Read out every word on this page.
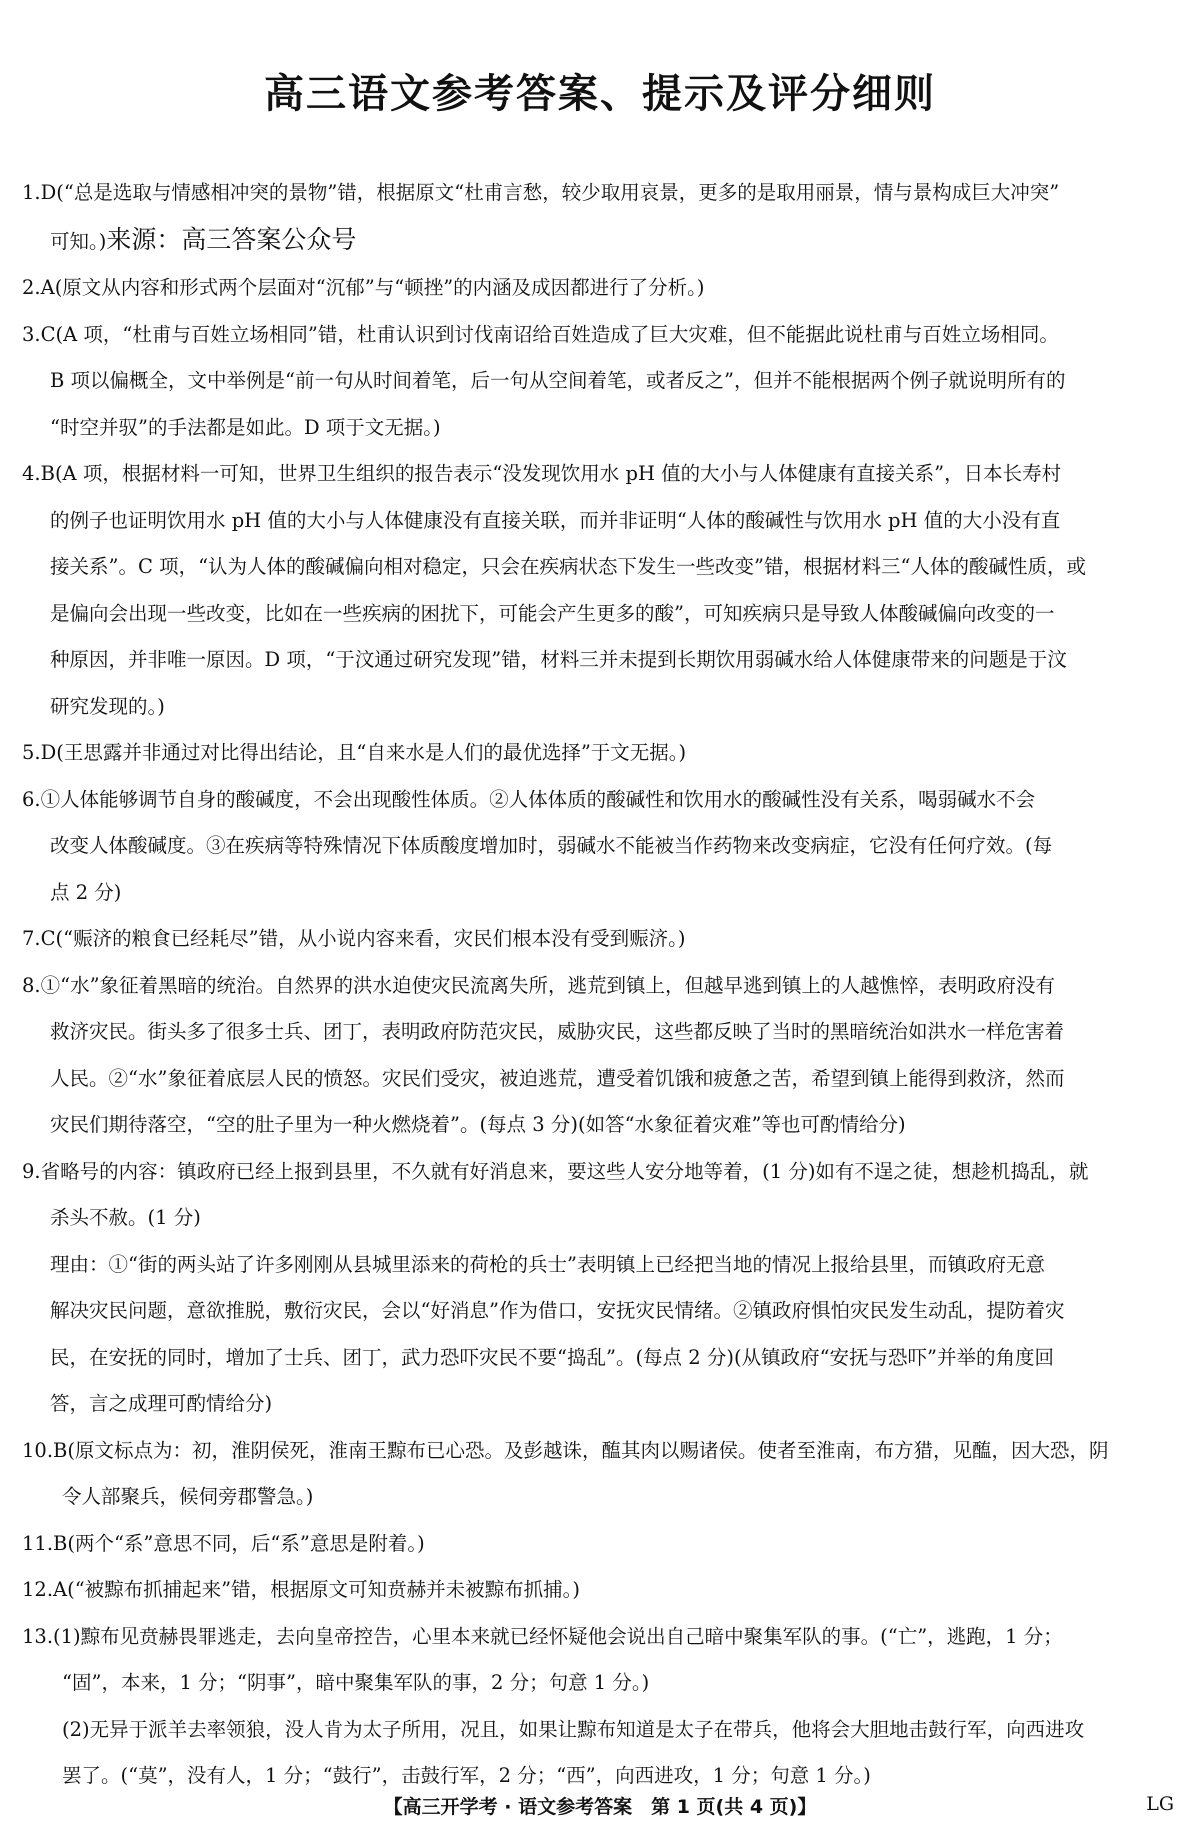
高三语文参考答案、提示及评分细则
1.D(“总是选取与情感相冲突的景物”错，根据原文“杜甫言愁，较少取用哀景，更多的是取用丽景，情与景构成巨大冲突”
可知。)来源：高三答案公众号
2.A(原文从内容和形式两个层面对“沉郁”与“顿挫”的内涵及成因都进行了分析。)
3.C(A 项，“杜甫与百姓立场相同”错，杜甫认识到讨伐南诏给百姓造成了巨大灾难，但不能据此说杜甫与百姓立场相同。
B 项以偏概全，文中举例是“前一句从时间着笔，后一句从空间着笔，或者反之”，但并不能根据两个例子就说明所有的
“时空并驭”的手法都是如此。D 项于文无据。)
4.B(A 项，根据材料一可知，世界卫生组织的报告表示“没发现饮用水 pH 值的大小与人体健康有直接关系”，日本长寿村
的例子也证明饮用水 pH 值的大小与人体健康没有直接关联，而并非证明“人体的酸碱性与饮用水 pH 值的大小没有直
接关系”。C 项，“认为人体的酸碱偏向相对稳定，只会在疾病状态下发生一些改变”错，根据材料三“人体的酸碱性质，或
是偏向会出现一些改变，比如在一些疾病的困扰下，可能会产生更多的酸”，可知疾病只是导致人体酸碱偏向改变的一
种原因，并非唯一原因。D 项，“于汶通过研究发现”错，材料三并未提到长期饮用弱碱水给人体健康带来的问题是于汶
研究发现的。)
5.D(王思露并非通过对比得出结论，且“自来水是人们的最优选择”于文无据。)
6.①人体能够调节自身的酸碱度，不会出现酸性体质。②人体体质的酸碱性和饮用水的酸碱性没有关系，喝弱碱水不会
改变人体酸碱度。③在疾病等特殊情况下体质酸度增加时，弱碱水不能被当作药物来改变病症，它没有任何疗效。(每
点 2 分)
7.C(“赈济的粮食已经耗尽”错，从小说内容来看，灾民们根本没有受到赈济。)
8.①“水”象征着黑暗的统治。自然界的洪水迫使灾民流离失所，逃荒到镇上，但越早逃到镇上的人越憔悴，表明政府没有
救济灾民。街头多了很多士兵、团丁，表明政府防范灾民，威胁灾民，这些都反映了当时的黑暗统治如洪水一样危害着
人民。②“水”象征着底层人民的愤怒。灾民们受灾，被迫逃荒，遭受着饥饿和疲惫之苦，希望到镇上能得到救济，然而
灾民们期待落空，“空的肚子里为一种火燃烧着”。(每点 3 分)(如答“水象征着灾难”等也可酌情给分)
9.省略号的内容：镇政府已经上报到县里，不久就有好消息来，要这些人安分地等着，(1 分)如有不逞之徒，想趁机捣乱，就
杀头不赦。(1 分)
理由：①“街的两头站了许多刚刚从县城里添来的荷枪的兵士”表明镇上已经把当地的情况上报给县里，而镇政府无意
解决灾民问题，意欲推脱，敷衍灾民，会以“好消息”作为借口，安抚灾民情绪。②镇政府惧怕灾民发生动乱，提防着灾
民，在安抚的同时，增加了士兵、团丁，武力恐吓灾民不要“捣乱”。(每点 2 分)(从镇政府“安抚与恐吓”并举的角度回
答，言之成理可酌情给分)
10.B(原文标点为：初，淮阴侯死，淮南王黥布已心恐。及彭越诛，醢其肉以赐诸侯。使者至淮南，布方猎，见醢，因大恐，阴
令人部聚兵，候伺旁郡警急。)
11.B(两个“系”意思不同，后“系”意思是附着。)
12.A(“被黥布抓捕起来”错，根据原文可知贲赫并未被黥布抓捕。)
13.(1)黥布见贲赫畏罪逃走，去向皇帝控告，心里本来就已经怀疑他会说出自己暗中聚集军队的事。(“亡”，逃跑，1 分；
“固”，本来，1 分；“阴事”，暗中聚集军队的事，2 分；句意 1 分。)
(2)无异于派羊去率领狼，没人肯为太子所用，况且，如果让黥布知道是太子在带兵，他将会大胆地击鼓行军，向西进攻
罢了。(“莫”，没有人，1 分；“鼓行”，击鼓行军，2 分；“西”，向西进攻，1 分；句意 1 分。)
【高三开学考 · 语文参考答案　第 1 页(共 4 页)】	LG
